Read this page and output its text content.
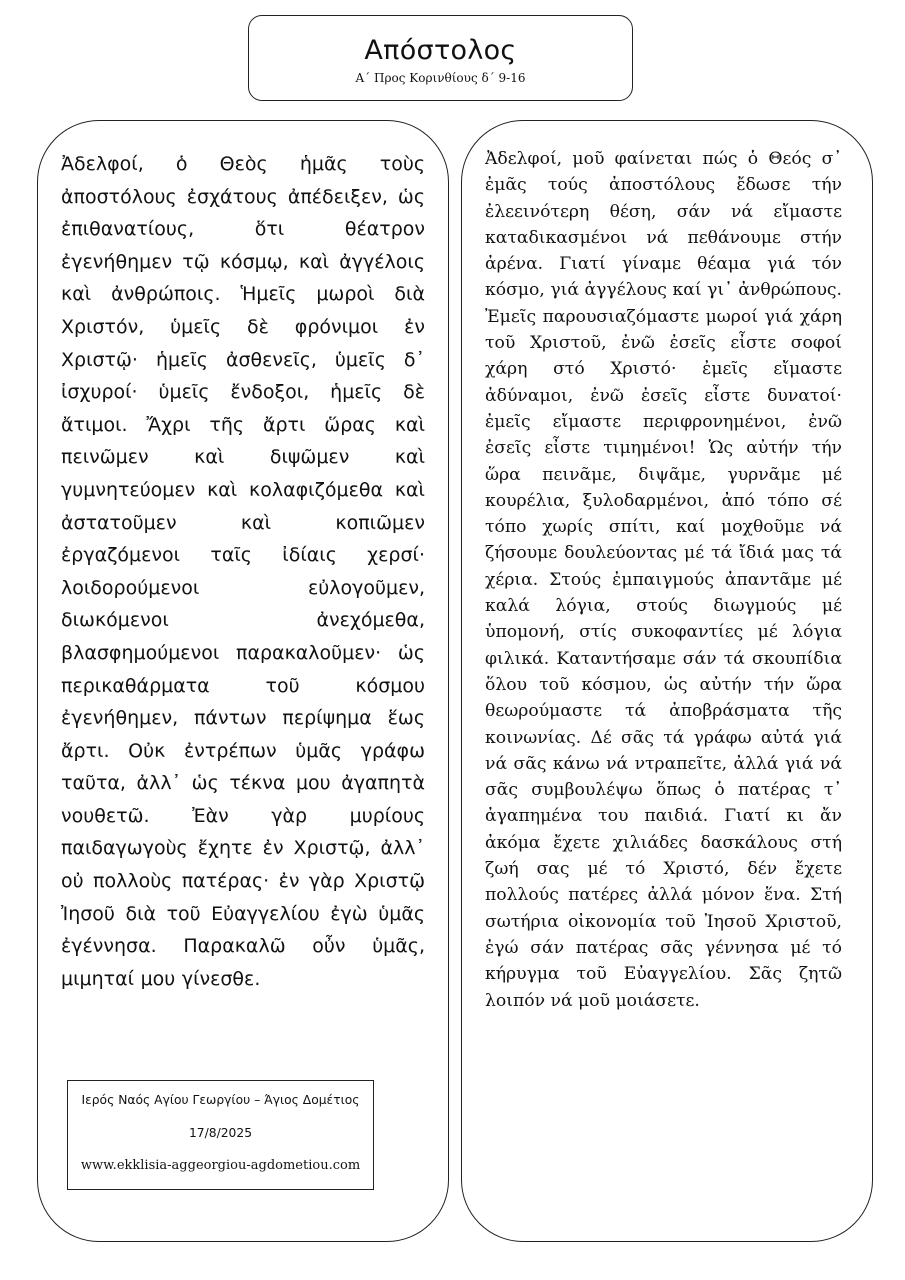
Απόστολος
Α΄ Προς Κορινθίους δ΄ 9-16

Ἀδελφοί, ὁ Θεὸς ἡμᾶς τοὺς ἀποστόλους ἐσχάτους ἀπέδειξεν, ὡς ἐπιθανατίους, ὅτι θέατρον ἐγενήθημεν τῷ κόσμῳ, καὶ ἀγγέλοις καὶ ἀνθρώποις. Ἡμεῖς μωροὶ διὰ Χριστόν, ὑμεῖς δὲ φρόνιμοι ἐν Χριστῷ· ἡμεῖς ἀσθενεῖς, ὑμεῖς δ᾿ ἰσχυροί· ὑμεῖς ἔνδοξοι, ἡμεῖς δὲ ἄτιμοι. Ἄχρι τῆς ἄρτι ὥρας καὶ πεινῶμεν καὶ διψῶμεν καὶ γυμνητεύομεν καὶ κολαφιζόμεθα καὶ ἀστατοῦμεν καὶ κοπιῶμεν ἐργαζόμενοι ταῖς ἰδίαις χερσί· λοιδορούμενοι εὐλογοῦμεν, διωκόμενοι ἀνεχόμεθα, βλασφημούμενοι παρακαλοῦμεν· ὡς περικαθάρματα τοῦ κόσμου ἐγενήθημεν, πάντων περίψημα ἕως ἄρτι. Οὐκ ἐντρέπων ὑμᾶς γράφω ταῦτα, ἀλλ᾿ ὡς τέκνα μου ἀγαπητὰ νουθετῶ. Ἐὰν γὰρ μυρίους παιδαγωγοὺς ἔχητε ἐν Χριστῷ, ἀλλ᾿ οὐ πολλοὺς πατέρας· ἐν γὰρ Χριστῷ Ἰησοῦ διὰ τοῦ Εὐαγγελίου ἐγὼ ὑμᾶς ἐγέννησα. Παρακαλῶ οὖν ὑμᾶς, μιμηταί μου γίνεσθε.

Ἀδελφοί, μοῦ φαίνεται πώς ὁ Θεός σ᾿ ἐμᾶς τούς ἀποστόλους ἔδωσε τήν ἐλεεινότερη θέση, σάν νά εἴμαστε καταδικασμένοι νά πεθάνουμε στήν ἀρένα. Γιατί γίναμε θέαμα γιά τόν κόσμο, γιά ἀγγέλους καί γι᾿ ἀνθρώπους. Ἐμεῖς παρουσιαζόμαστε μωροί γιά χάρη τοῦ Χριστοῦ, ἐνῶ ἐσεῖς εἶστε σοφοί χάρη στό Χριστό· ἐμεῖς εἴμαστε ἀδύναμοι, ἐνῶ ἐσεῖς εἶστε δυνατοί· ἐμεῖς εἴμαστε περιφρονημένοι, ἐνῶ ἐσεῖς εἶστε τιμημένοι! Ὡς αὐτήν τήν ὥρα πεινᾶμε, διψᾶμε, γυρνᾶμε μέ κουρέλια, ξυλοδαρμένοι, ἀπό τόπο σέ τόπο χωρίς σπίτι, καί μοχθοῦμε νά ζήσουμε δουλεύοντας μέ τά ἴδιά μας τά χέρια. Στούς ἐμπαιγμούς ἀπαντᾶμε μέ καλά λόγια, στούς διωγμούς μέ ὑπομονή, στίς συκοφαντίες μέ λόγια φιλικά. Καταντήσαμε σάν τά σκουπίδια ὅλου τοῦ κόσμου, ὡς αὐτήν τήν ὥρα θεωρούμαστε τά ἀποβράσματα τῆς κοινωνίας. Δέ σᾶς τά γράφω αὐτά γιά νά σᾶς κάνω νά ντραπεῖτε, ἀλλά γιά νά σᾶς συμβουλέψω ὅπως ὁ πατέρας τ᾿ ἀγαπημένα του παιδιά. Γιατί κι ἄν ἀκόμα ἔχετε χιλιάδες δασκάλους στή ζωή σας μέ τό Χριστό, δέν ἔχετε πολλούς πατέρες ἀλλά μόνον ἕνα. Στή σωτήρια οἰκονομία τοῦ Ἰησοῦ Χριστοῦ, ἐγώ σάν πατέρας σᾶς γέννησα μέ τό κήρυγμα τοῦ Εὐαγγελίου. Σᾶς ζητῶ λοιπόν νά μοῦ μοιάσετε.

Ιερός Ναός Αγίου Γεωργίου – Άγιος Δομέτιος
17/8/2025
www.ekklisia-aggeorgiou-agdometiou.com
